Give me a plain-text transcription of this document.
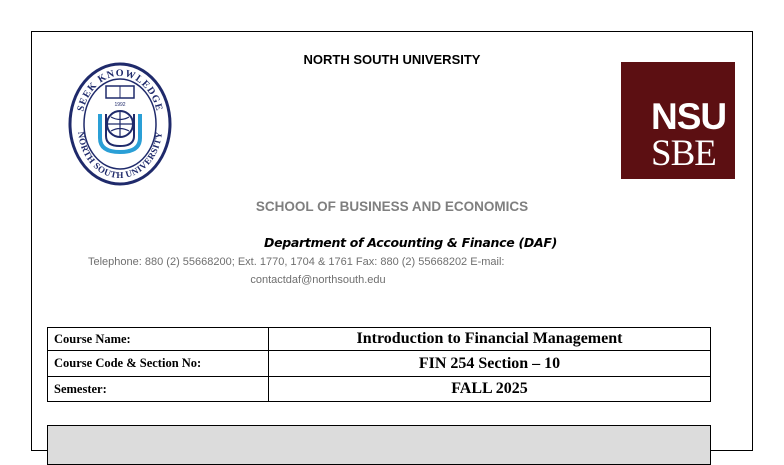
NORTH SOUTH UNIVERSITY
SEEK KNOWLEDGE
NORTH SOUTH UNIVERSITY
1992	NSU
SBE
SCHOOL OF BUSINESS AND ECONOMICS
Department of Accounting & Finance (DAF)
Telephone: 880 (2) 55668200; Ext. 1770, 1704 & 1761 Fax: 880 (2) 55668202 E-mail:
contactdaf@northsouth.edu
Course Name:	Introduction to Financial Management
Course Code & Section No:	FIN 254 Section – 10
Semester:	FALL 2025
